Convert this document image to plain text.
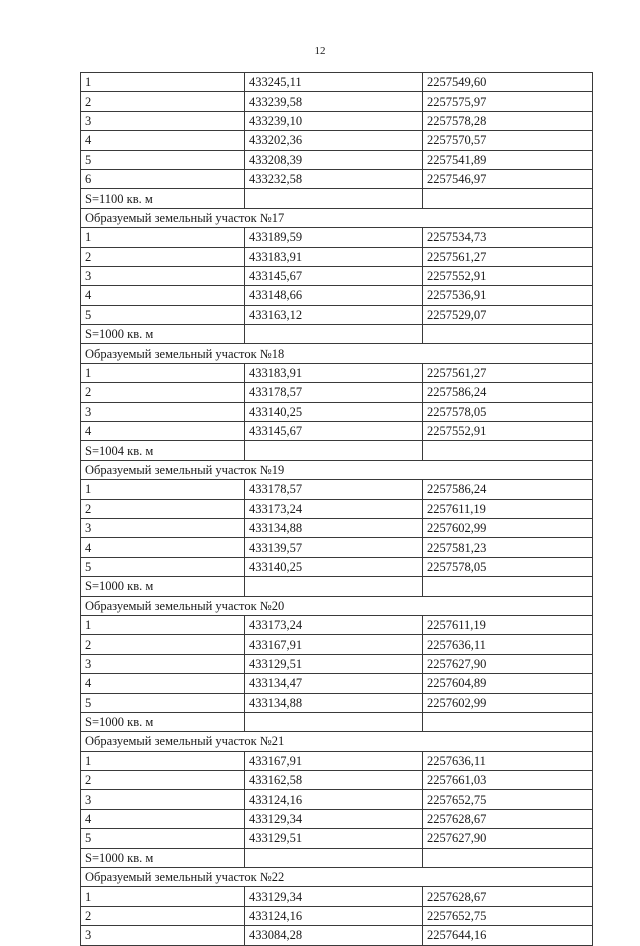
12
1	433245,11	2257549,60
2	433239,58	2257575,97
3	433239,10	2257578,28
4	433202,36	2257570,57
5	433208,39	2257541,89
6	433232,58	2257546,97
S=1100 кв. м		
Образуемый земельный участок №17		
1	433189,59	2257534,73
2	433183,91	2257561,27
3	433145,67	2257552,91
4	433148,66	2257536,91
5	433163,12	2257529,07
S=1000 кв. м		
Образуемый земельный участок №18		
1	433183,91	2257561,27
2	433178,57	2257586,24
3	433140,25	2257578,05
4	433145,67	2257552,91
S=1004 кв. м		
Образуемый земельный участок №19		
1	433178,57	2257586,24
2	433173,24	2257611,19
3	433134,88	2257602,99
4	433139,57	2257581,23
5	433140,25	2257578,05
S=1000 кв. м		
Образуемый земельный участок №20		
1	433173,24	2257611,19
2	433167,91	2257636,11
3	433129,51	2257627,90
4	433134,47	2257604,89
5	433134,88	2257602,99
S=1000 кв. м		
Образуемый земельный участок №21		
1	433167,91	2257636,11
2	433162,58	2257661,03
3	433124,16	2257652,75
4	433129,34	2257628,67
5	433129,51	2257627,90
S=1000 кв. м		
Образуемый земельный участок №22		
1	433129,34	2257628,67
2	433124,16	2257652,75
3	433084,28	2257644,16
